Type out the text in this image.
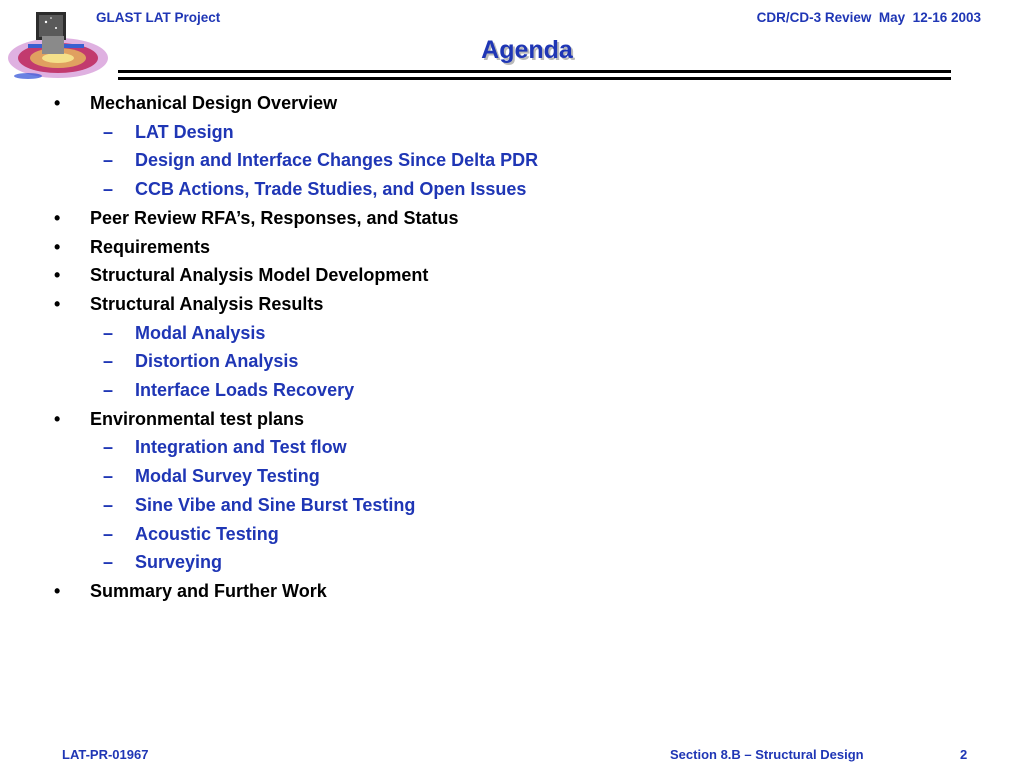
GLAST LAT Project	CDR/CD-3 Review  May  12-16 2003
Agenda
• Mechanical Design Overview
– LAT Design
– Design and Interface Changes Since Delta PDR
– CCB Actions, Trade Studies, and Open Issues
• Peer Review RFA’s, Responses, and Status
• Requirements
• Structural Analysis Model Development
• Structural Analysis Results
– Modal Analysis
– Distortion Analysis
– Interface Loads Recovery
• Environmental test plans
– Integration and Test flow
– Modal Survey Testing
– Sine Vibe and Sine Burst Testing
– Acoustic Testing
– Surveying
• Summary and Further Work
LAT-PR-01967	Section 8.B – Structural Design	2
